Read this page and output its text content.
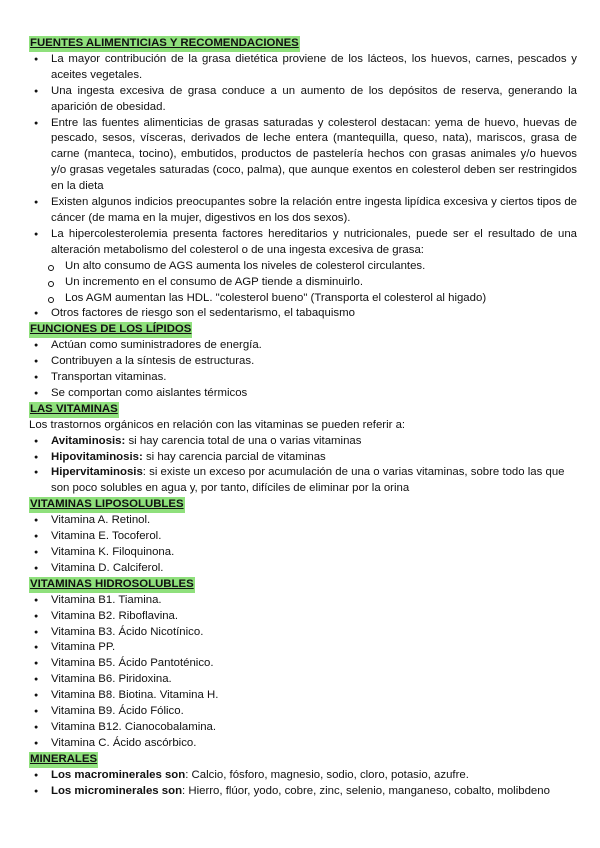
FUENTES ALIMENTICIAS Y RECOMENDACIONES
● La mayor contribución de la grasa dietética proviene de los lácteos, los huevos, carnes, pescados y aceites vegetales.
● Una ingesta excesiva de grasa conduce a un aumento de los depósitos de reserva, generando la aparición de obesidad.
● Entre las fuentes alimenticias de grasas saturadas y colesterol destacan: yema de huevo, huevas de pescado, sesos, vísceras, derivados de leche entera (mantequilla, queso, nata), mariscos, grasa de carne (manteca, tocino), embutidos, productos de pastelería hechos con grasas animales y/o huevos y/o grasas vegetales saturadas (coco, palma), que aunque exentos en colesterol deben ser restringidos en la dieta
● Existen algunos indicios preocupantes sobre la relación entre ingesta lipídica excesiva y ciertos tipos de cáncer (de mama en la mujer, digestivos en los dos sexos).
● La hipercolesterolemia presenta factores hereditarios y nutricionales, puede ser el resultado de una alteración metabolismo del colesterol o de una ingesta excesiva de grasa:
Un alto consumo de AGS aumenta los niveles de colesterol circulantes.
Un incremento en el consumo de AGP tiende a disminuirlo.
Los AGM aumentan las HDL. "colesterol bueno" (Transporta el colesterol al higado)
● Otros factores de riesgo son el sedentarismo, el tabaquismo
FUNCIONES DE LOS LÍPIDOS
● Actúan como suministradores de energía.
● Contribuyen a la síntesis de estructuras.
● Transportan vitaminas.
● Se comportan como aislantes térmicos
LAS VITAMINAS

Los trastornos orgánicos en relación con las vitaminas se pueden referir a:

● Avitaminosis: si hay carencia total de una o varias vitaminas
● Hipovitaminosis: si hay carencia parcial de vitaminas
● Hipervitaminosis: si existe un exceso por acumulación de una o varias vitaminas, sobre todo las que son poco solubles en agua y, por tanto, difíciles de eliminar por la orina
VITAMINAS LIPOSOLUBLES
● Vitamina A. Retinol.
● Vitamina E. Tocoferol.
● Vitamina K. Filoquinona.
● Vitamina D. Calciferol.
VITAMINAS HIDROSOLUBLES
● Vitamina B1. Tiamina.
● Vitamina B2. Riboflavina.
● Vitamina B3. Ácido Nicotínico.
● Vitamina PP.
● Vitamina B5. Ácido Pantoténico.
● Vitamina B6. Piridoxina.
● Vitamina B8. Biotina. Vitamina H.
● Vitamina B9. Ácido Fólico.
● Vitamina B12. Cianocobalamina.
● Vitamina C. Ácido ascórbico.
MINERALES
● Los macrominerales son: Calcio, fósforo, magnesio, sodio, cloro, potasio, azufre.
● Los microminerales son: Hierro, flúor, yodo, cobre, zinc, selenio, manganeso, cobalto, molibdeno
